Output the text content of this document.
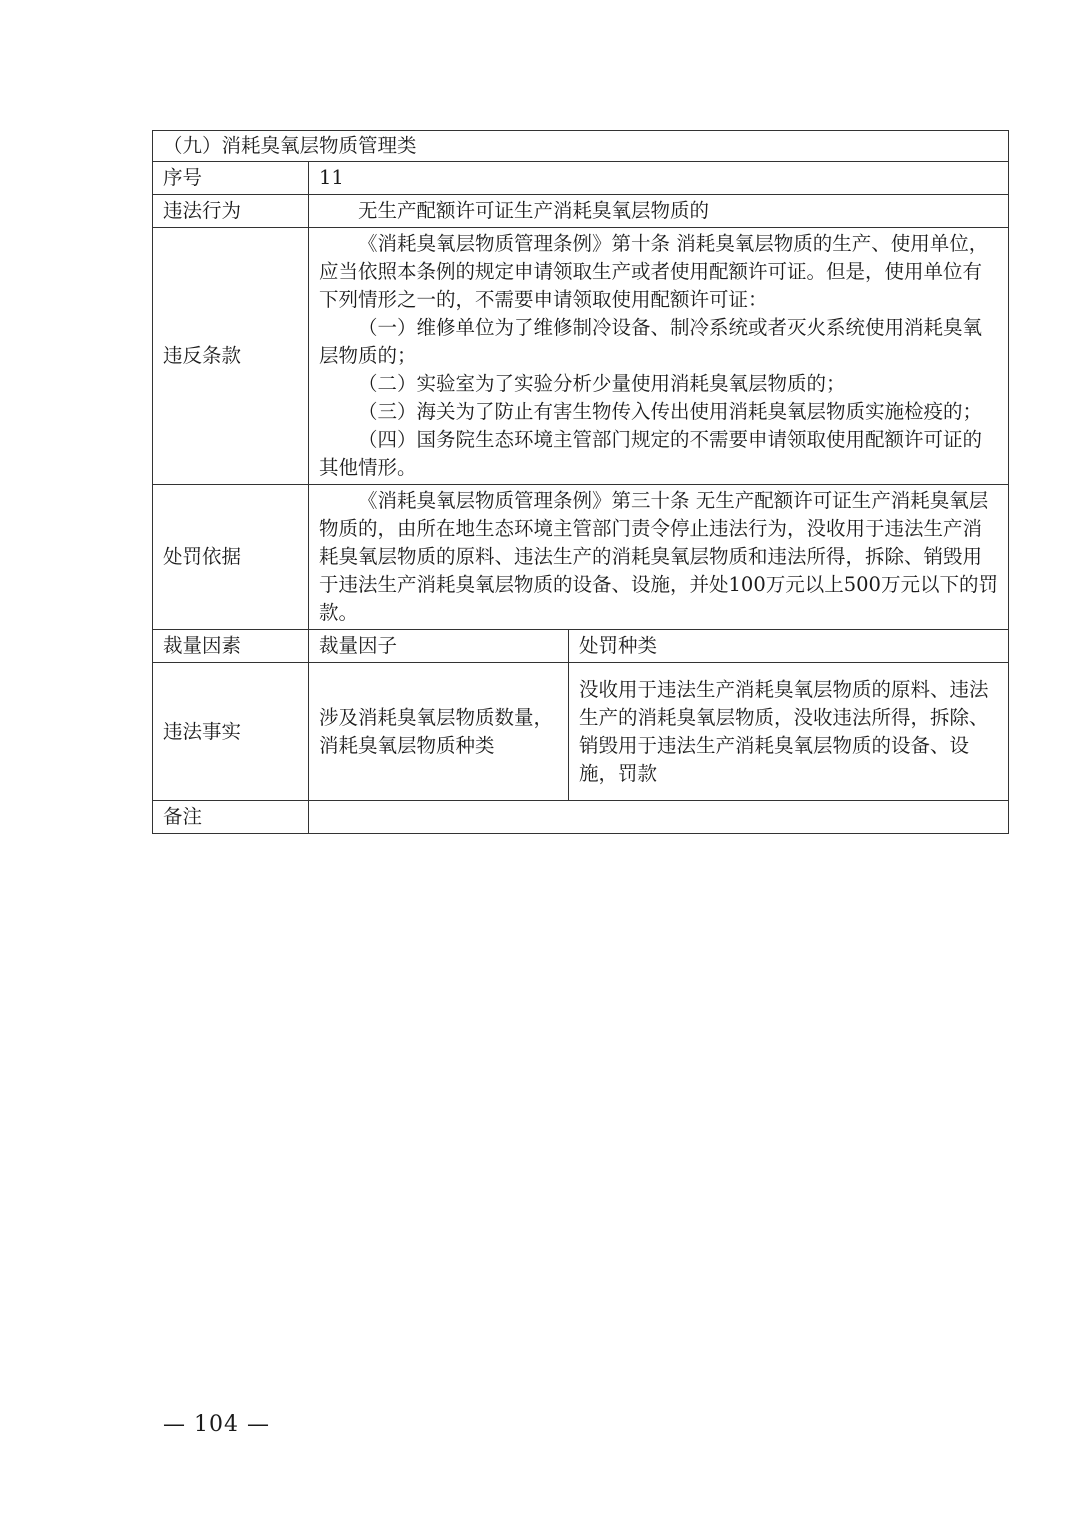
（九）消耗臭氧层物质管理类		
序号	11	
违法行为	无生产配额许可证生产消耗臭氧层物质的	

违反条款	《消耗臭氧层物质管理条例》第十条 消耗臭氧层物质的生产、使用单位，应当依照本条例的规定申请领取生产或者使用配额许可证。但是，使用单位有下列情形之一的，不需要申请领取使用配额许可证：

（一）维修单位为了维修制冷设备、制冷系统或者灭火系统使用消耗臭氧层物质的；

（二）实验室为了实验分析少量使用消耗臭氧层物质的；

（三）海关为了防止有害生物传入传出使用消耗臭氧层物质实施检疫的；

（四）国务院生态环境主管部门规定的不需要申请领取使用配额许可证的其他情形。	

处罚依据	《消耗臭氧层物质管理条例》第三十条 无生产配额许可证生产消耗臭氧层物质的，由所在地生态环境主管部门责令停止违法行为，没收用于违法生产消耗臭氧层物质的原料、违法生产的消耗臭氧层物质和违法所得，拆除、销毁用于违法生产消耗臭氧层物质的设备、设施，并处100万元以上500万元以下的罚款。	

裁量因素	裁量因子	处罚种类
违法事实	涉及消耗臭氧层物质数量，消耗臭氧层物质种类	没收用于违法生产消耗臭氧层物质的原料、违法生产的消耗臭氧层物质，没收违法所得，拆除、销毁用于违法生产消耗臭氧层物质的设备、设施，罚款
备注		
— 104 —
